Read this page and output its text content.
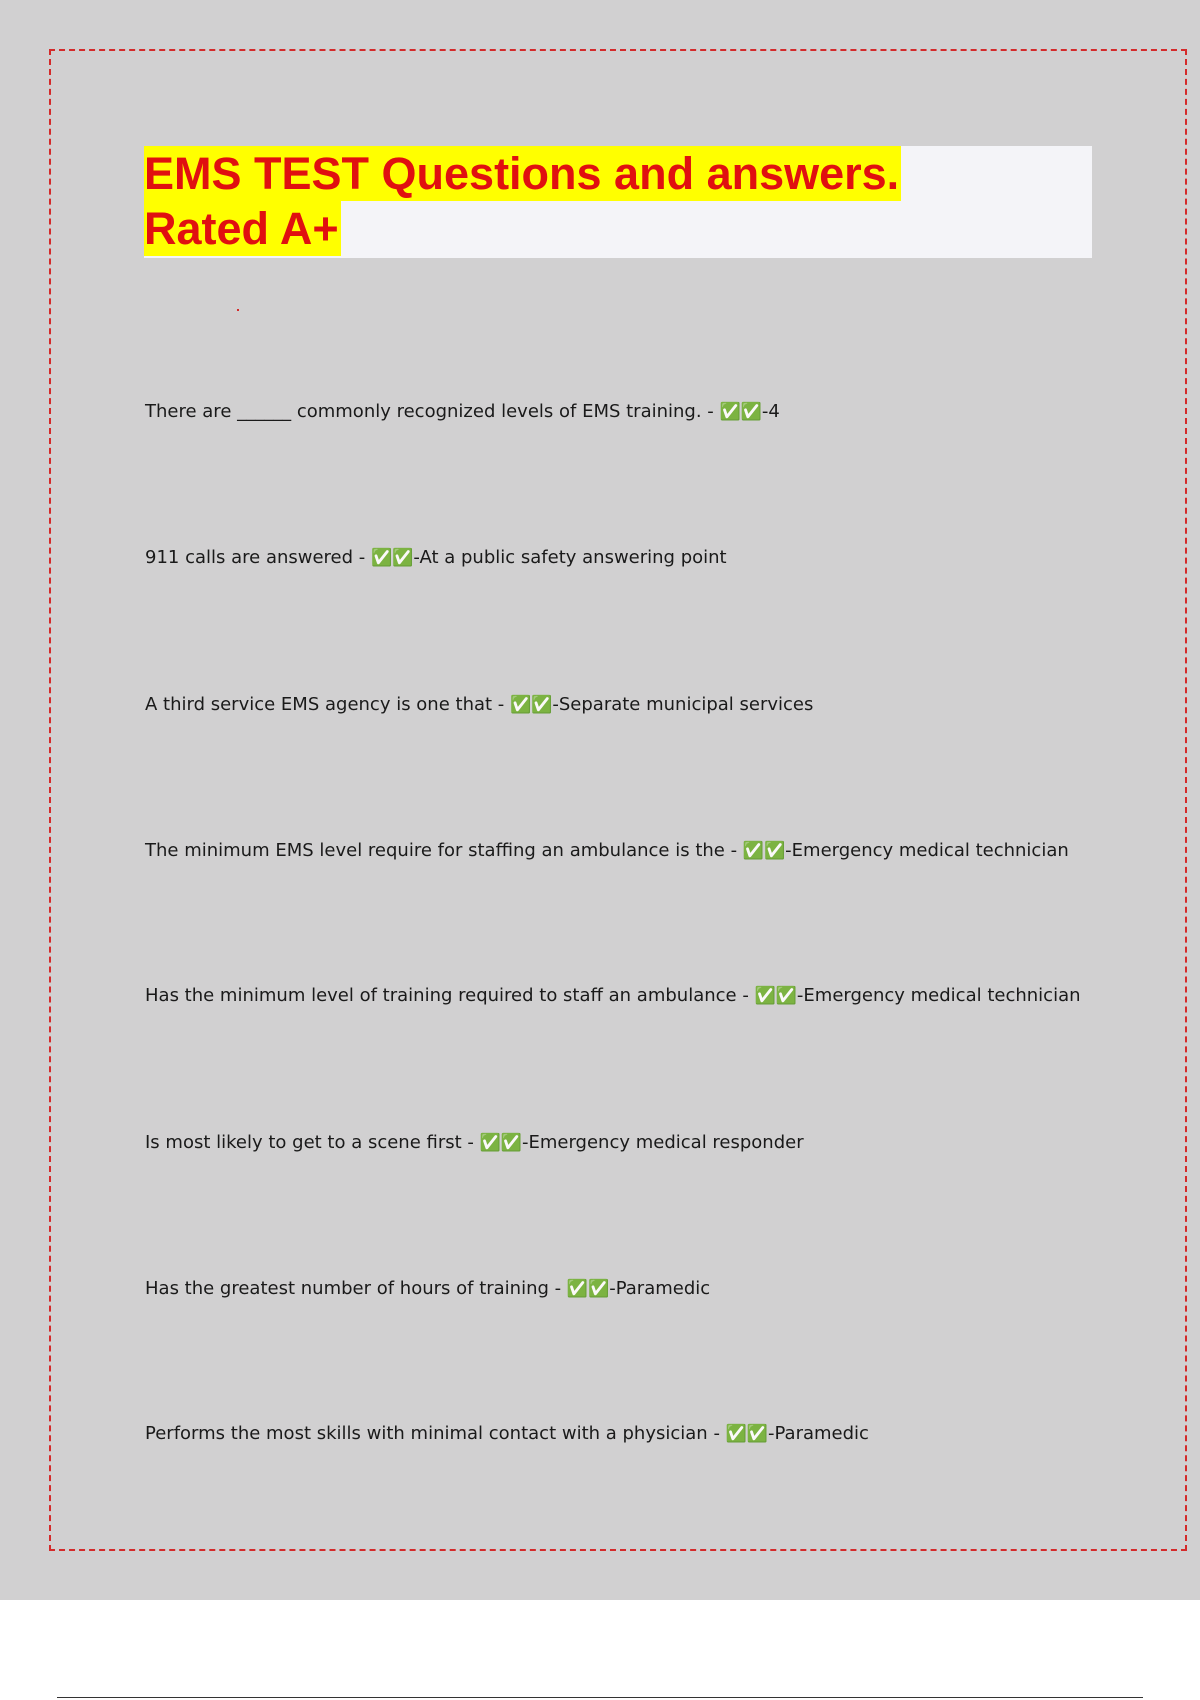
EMS TEST Questions and answers.
Rated A+
There are ______ commonly recognized levels of EMS training. - ✅✅-4
911 calls are answered - ✅✅-At a public safety answering point
A third service EMS agency is one that - ✅✅-Separate municipal services
The minimum EMS level require for staffing an ambulance is the - ✅✅-Emergency medical technician
Has the minimum level of training required to staff an ambulance - ✅✅-Emergency medical technician
Is most likely to get to a scene first - ✅✅-Emergency medical responder
Has the greatest number of hours of training - ✅✅-Paramedic
Performs the most skills with minimal contact with a physician - ✅✅-Paramedic
